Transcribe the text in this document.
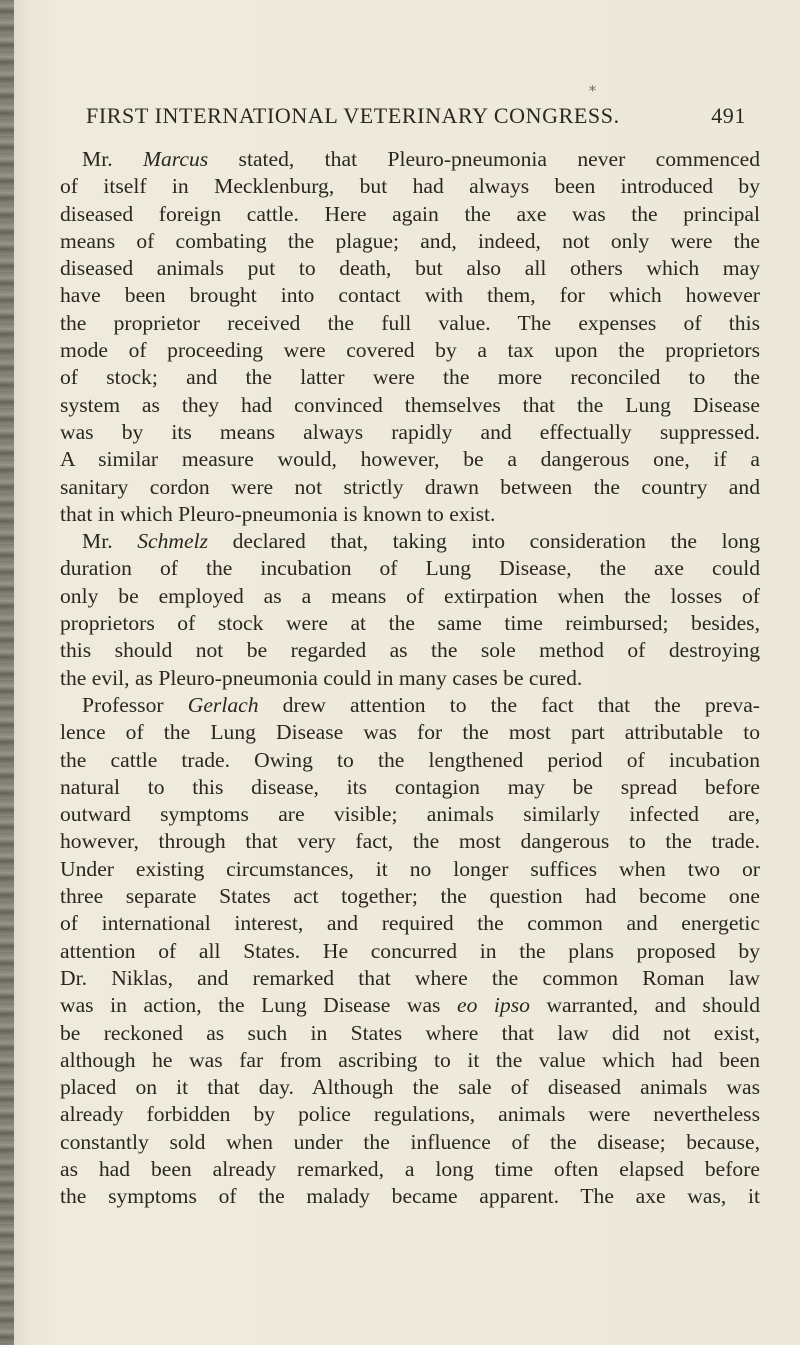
⁎
FIRST INTERNATIONAL VETERINARY CONGRESS.	491
Mr. Marcus stated, that Pleuro-pneumonia never commenced
of itself in Mecklenburg, but had always been introduced by
diseased foreign cattle. Here again the axe was the principal
means of combating the plague; and, indeed, not only were the
diseased animals put to death, but also all others which may
have been brought into contact with them, for which however
the proprietor received the full value. The expenses of this
mode of proceeding were covered by a tax upon the proprietors
of stock; and the latter were the more reconciled to the
system as they had convinced themselves that the Lung Disease
was by its means always rapidly and effectually suppressed.
A similar measure would, however, be a dangerous one, if a
sanitary cordon were not strictly drawn between the country and
that in which Pleuro-pneumonia is known to exist.
Mr. Schmelz declared that, taking into consideration the long
duration of the incubation of Lung Disease, the axe could
only be employed as a means of extirpation when the losses of
proprietors of stock were at the same time reimbursed; besides,
this should not be regarded as the sole method of destroying
the evil, as Pleuro-pneumonia could in many cases be cured.
Professor Gerlach drew attention to the fact that the preva-
lence of the Lung Disease was for the most part attributable to
the cattle trade. Owing to the lengthened period of incubation
natural to this disease, its contagion may be spread before
outward symptoms are visible; animals similarly infected are,
however, through that very fact, the most dangerous to the trade.
Under existing circumstances, it no longer suffices when two or
three separate States act together; the question had become one
of international interest, and required the common and energetic
attention of all States. He concurred in the plans proposed by
Dr. Niklas, and remarked that where the common Roman law
was in action, the Lung Disease was eo ipso warranted, and should
be reckoned as such in States where that law did not exist,
although he was far from ascribing to it the value which had been
placed on it that day. Although the sale of diseased animals was
already forbidden by police regulations, animals were nevertheless
constantly sold when under the influence of the disease; because,
as had been already remarked, a long time often elapsed before
the symptoms of the malady became apparent. The axe was, it
